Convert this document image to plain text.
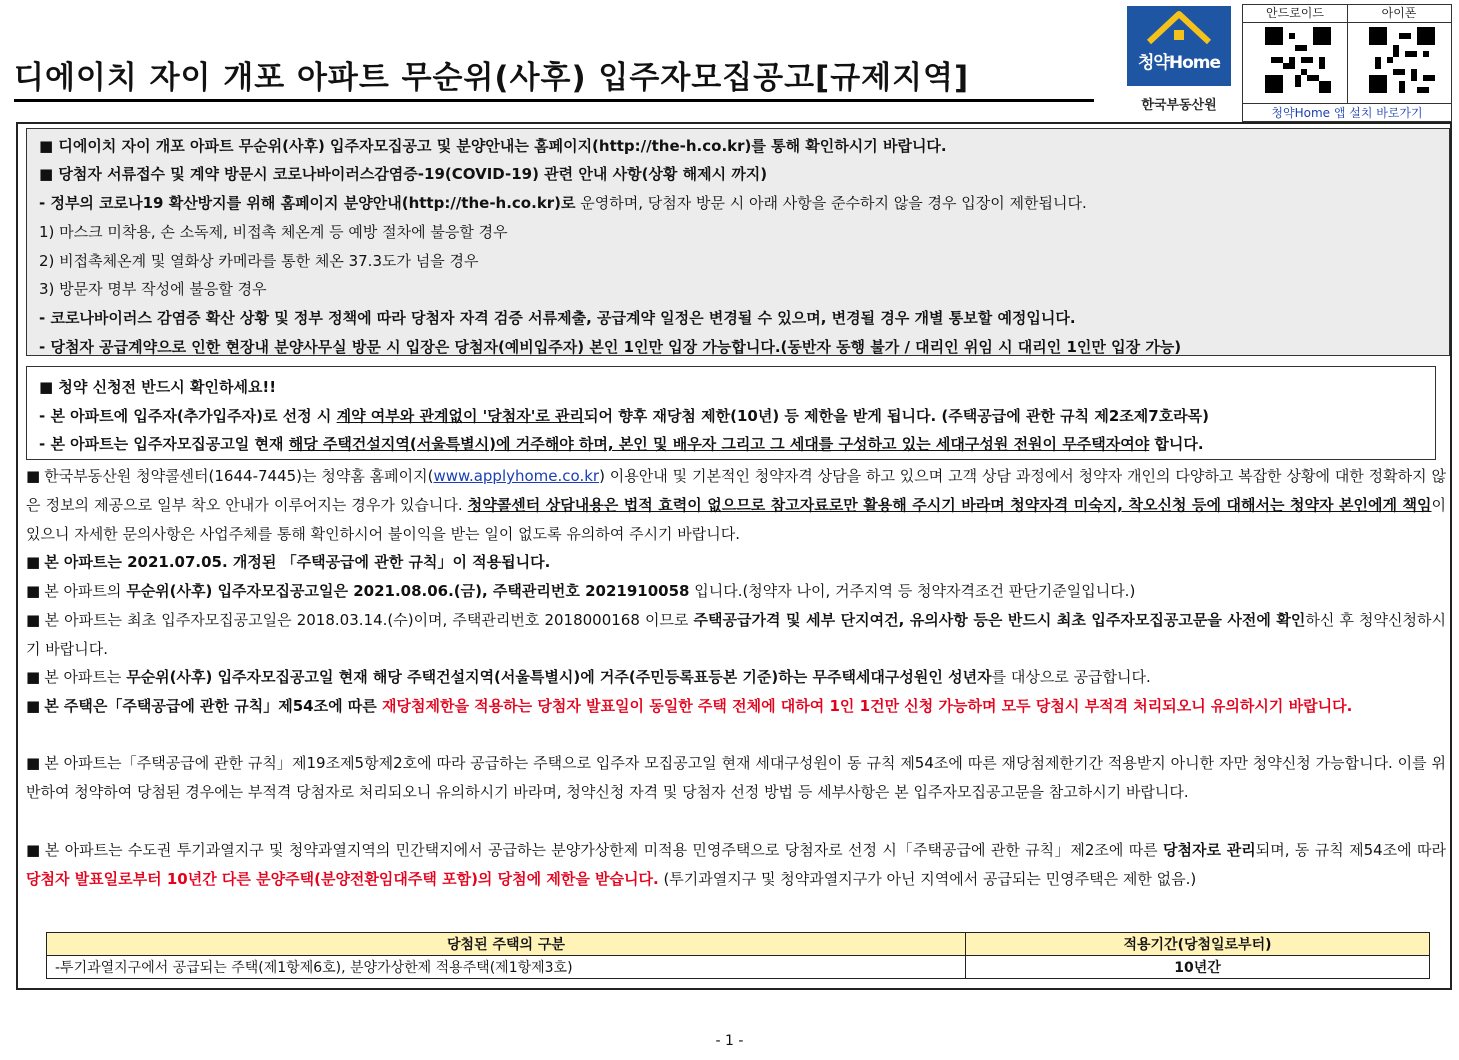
디에이치 자이 개포 아파트 무순위(사후) 입주자모집공고[규제지역]	청약Home
한국부동산원
안드로이드	아이폰
청약Home 앱 설치 바로가기
■ 디에이치 자이 개포 아파트 무순위(사후) 입주자모집공고 및 분양안내는 홈페이지(http://the-h.co.kr)를 통해 확인하시기 바랍니다.
■ 당첨자 서류접수 및 계약 방문시 코로나바이러스감염증-19(COVID-19) 관련 안내 사항(상황 해제시 까지)
- 정부의 코로나19 확산방지를 위해 홈페이지 분양안내(http://the-h.co.kr)로 운영하며, 당첨자 방문 시 아래 사항을 준수하지 않을 경우 입장이 제한됩니다.
1) 마스크 미착용, 손 소독제, 비접촉 체온계 등 예방 절차에 불응할 경우
2) 비접촉체온계 및 열화상 카메라를 통한 체온 37.3도가 넘을 경우
3) 방문자 명부 작성에 불응할 경우
- 코로나바이러스 감염증 확산 상황 및 정부 정책에 따라 당첨자 자격 검증 서류제출, 공급계약 일정은 변경될 수 있으며, 변경될 경우 개별 통보할 예정입니다.
- 당첨자 공급계약으로 인한 현장내 분양사무실 방문 시 입장은 당첨자(예비입주자) 본인 1인만 입장 가능합니다.(동반자 동행 불가 / 대리인 위임 시 대리인 1인만 입장 가능)
■ 청약 신청전 반드시 확인하세요!!
- 본 아파트에 입주자(추가입주자)로 선정 시 계약 여부와 관계없이 '당첨자'로 관리되어 향후 재당첨 제한(10년) 등 제한을 받게 됩니다. (주택공급에 관한 규칙 제2조제7호라목)
- 본 아파트는 입주자모집공고일 현재 해당 주택건설지역(서울특별시)에 거주해야 하며, 본인 및 배우자 그리고 그 세대를 구성하고 있는 세대구성원 전원이 무주택자여야 합니다.
■ 한국부동산원 청약콜센터(1644-7445)는 청약홈 홈페이지(www.applyhome.co.kr) 이용안내 및 기본적인 청약자격 상담을 하고 있으며 고객 상담 과정에서 청약자 개인의 다양하고 복잡한 상황에 대한 정확하지 않은 정보의 제공으로 일부 착오 안내가 이루어지는 경우가 있습니다. 청약콜센터 상담내용은 법적 효력이 없으므로 참고자료로만 활용해 주시기 바라며 청약자격 미숙지, 착오신청 등에 대해서는 청약자 본인에게 책임이 있으니 자세한 문의사항은 사업주체를 통해 확인하시어 불이익을 받는 일이 없도록 유의하여 주시기 바랍니다.
■ 본 아파트는 2021.07.05. 개정된 「주택공급에 관한 규칙」이 적용됩니다.
■ 본 아파트의 무순위(사후) 입주자모집공고일은 2021.08.06.(금), 주택관리번호 2021910058 입니다.(청약자 나이, 거주지역 등 청약자격조건 판단기준일입니다.)
■ 본 아파트는 최초 입주자모집공고일은 2018.03.14.(수)이며, 주택관리번호 2018000168 이므로 주택공급가격 및 세부 단지여건, 유의사항 등은 반드시 최초 입주자모집공고문을 사전에 확인하신 후 청약신청하시기 바랍니다.
■ 본 아파트는 무순위(사후) 입주자모집공고일 현재 해당 주택건설지역(서울특별시)에 거주(주민등록표등본 기준)하는 무주택세대구성원인 성년자를 대상으로 공급합니다.
■ 본 주택은「주택공급에 관한 규칙」제54조에 따른 재당첨제한을 적용하는 당첨자 발표일이 동일한 주택 전체에 대하여 1인 1건만 신청 가능하며 모두 당첨시 부적격 처리되오니 유의하시기 바랍니다.
■ 본 아파트는「주택공급에 관한 규칙」제19조제5항제2호에 따라 공급하는 주택으로 입주자 모집공고일 현재 세대구성원이 동 규칙 제54조에 따른 재당첨제한기간 적용받지 아니한 자만 청약신청 가능합니다. 이를 위반하여 청약하여 당첨된 경우에는 부적격 당첨자로 처리되오니 유의하시기 바라며, 청약신청 자격 및 당첨자 선정 방법 등 세부사항은 본 입주자모집공고문을 참고하시기 바랍니다.
■ 본 아파트는 수도권 투기과열지구 및 청약과열지역의 민간택지에서 공급하는 분양가상한제 미적용 민영주택으로 당첨자로 선정 시「주택공급에 관한 규칙」제2조에 따른 당첨자로 관리되며, 동 규칙 제54조에 따라 당첨자 발표일로부터 10년간 다른 분양주택(분양전환임대주택 포함)의 당첨에 제한을 받습니다. (투기과열지구 및 청약과열지구가 아닌 지역에서 공급되는 민영주택은 제한 없음.)
당첨된 주택의 구분	적용기간(당첨일로부터)
-투기과열지구에서 공급되는 주택(제1항제6호), 분양가상한제 적용주택(제1항제3호)	10년간
- 1 -
